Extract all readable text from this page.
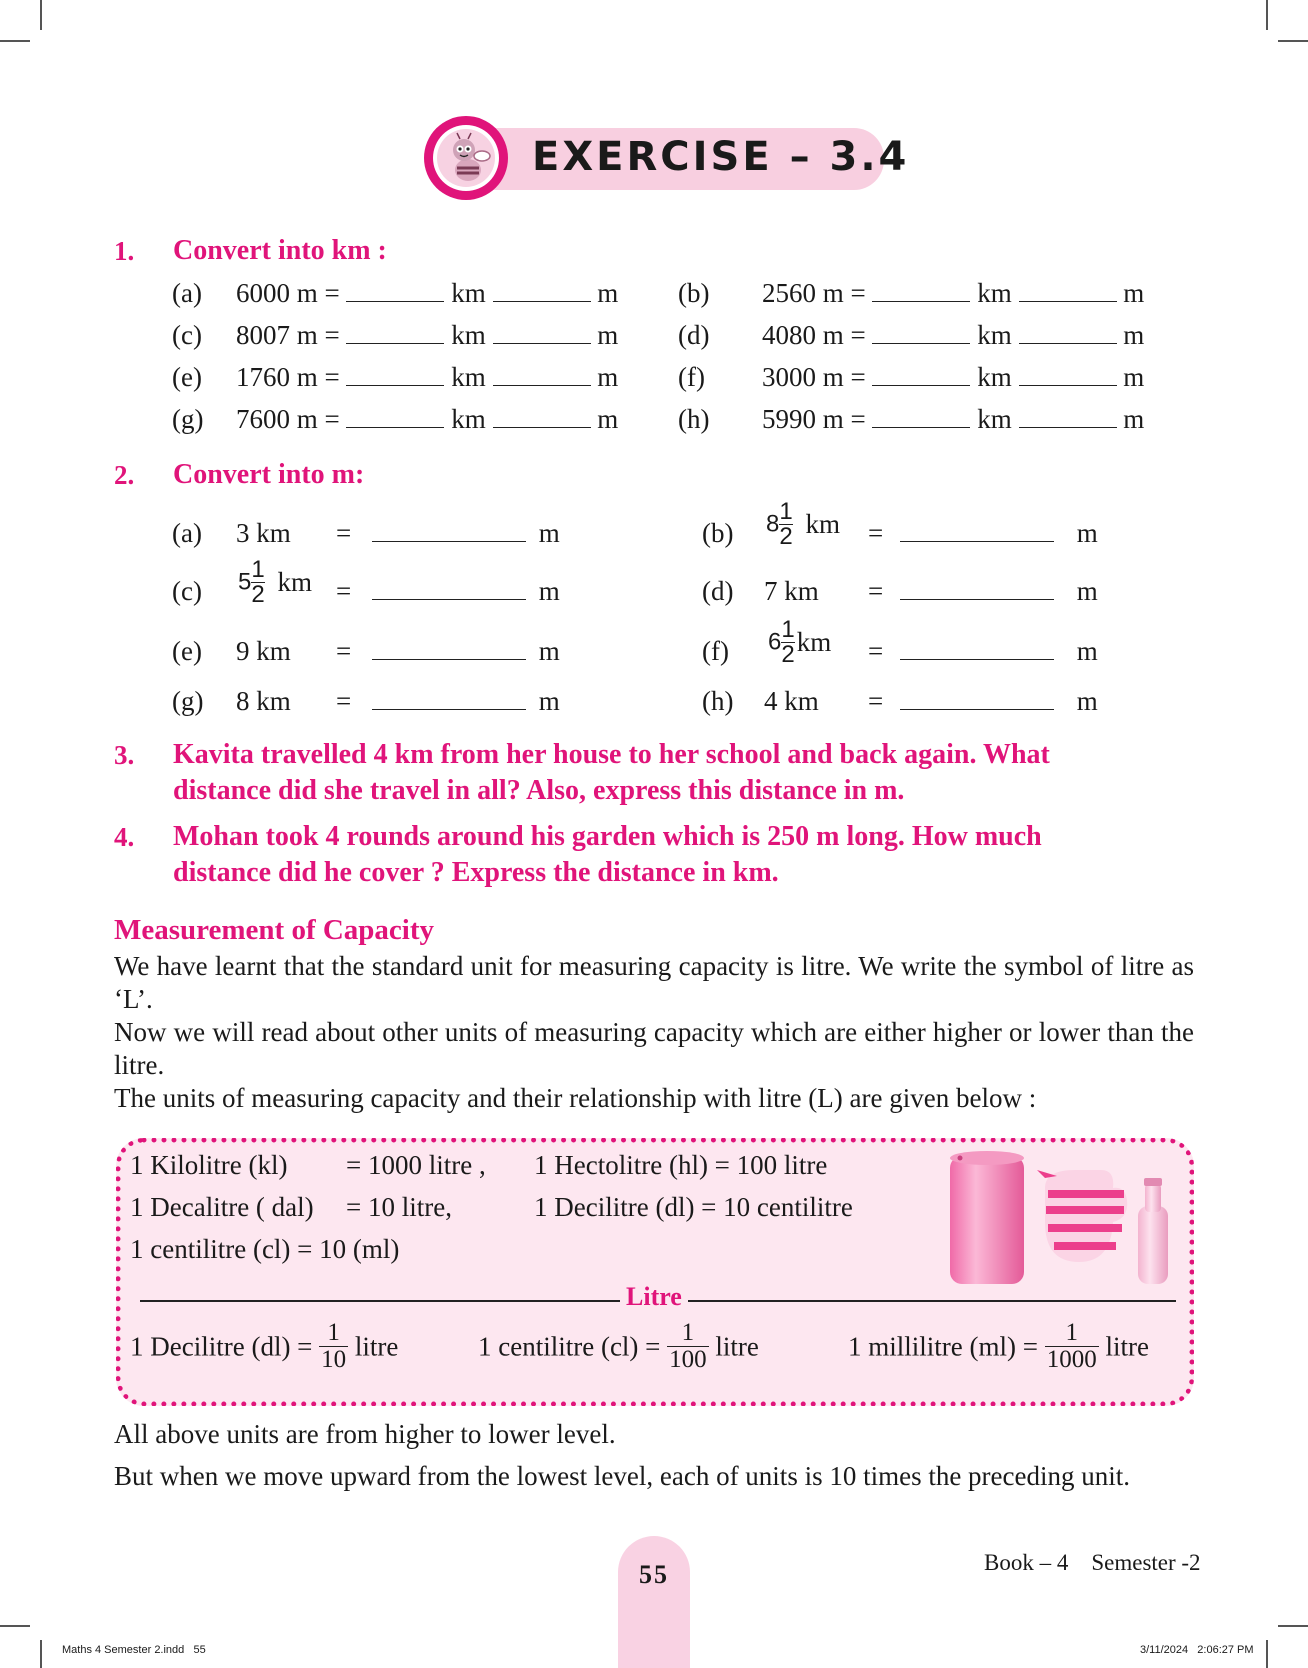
EXERCISE – 3.4
1. Convert into km :
(a) 6000 m =	km	m (b) 2560 m =	km	m
(c) 8007 m =	km	m (d) 4080 m =	km	m
(e) 1760 m =	km	m (f) 3000 m =	km	m
(g) 7600 m =	km	m (h) 5990 m =	km	m
2. Convert into m:
(a) 3 km =	m	(b) $8 \frac{1}{2}$ km =	m
(c) $5 \frac{1}{2}$ km =	m	(d) 7 km =	m
(e) 9 km =	m	(f) $6 \frac{1}{2}$ km =	m
(g) 8 km =	m	(h) 4 km =	m
3. Kavita travelled 4 km from her house to her school and back again. What
distance did she travel in all? Also, express this distance in m.
4. Mohan took 4 rounds around his garden which is 250 m long. How much
distance did he cover ? Express the distance in km.
Measurement of Capacity
We have learnt that the standard unit for measuring capacity is litre. We write the symbol of litre as ‘L’.
Now we will read about other units of measuring capacity which are either higher or lower than the litre.
The units of measuring capacity and their relationship with litre (L) are given below :
1 Kilolitre (kl) = 1000 litre , 1 Hectolitre (hl) = 100 litre
1 Decalitre ( dal) = 10 litre,	1 Decilitre (dl) = 10 centilitre
1 centilitre (cl) = 10 (ml)
Litre
1 Decilitre $(dl) = \frac{1}{10}$ litre	1 centilitre $(cl) = \frac{1}{100}$ litre	1 millilitre $(ml) = \frac{1}{1000}$ litre
All above units are from higher to lower level.
But when we move upward from the lowest level, each of units is 10 times the preceding unit.
55	Book – 4    Semester -2
Maths 4 Semester 2.indd   55	3/11/2024   2:06:27 PM
